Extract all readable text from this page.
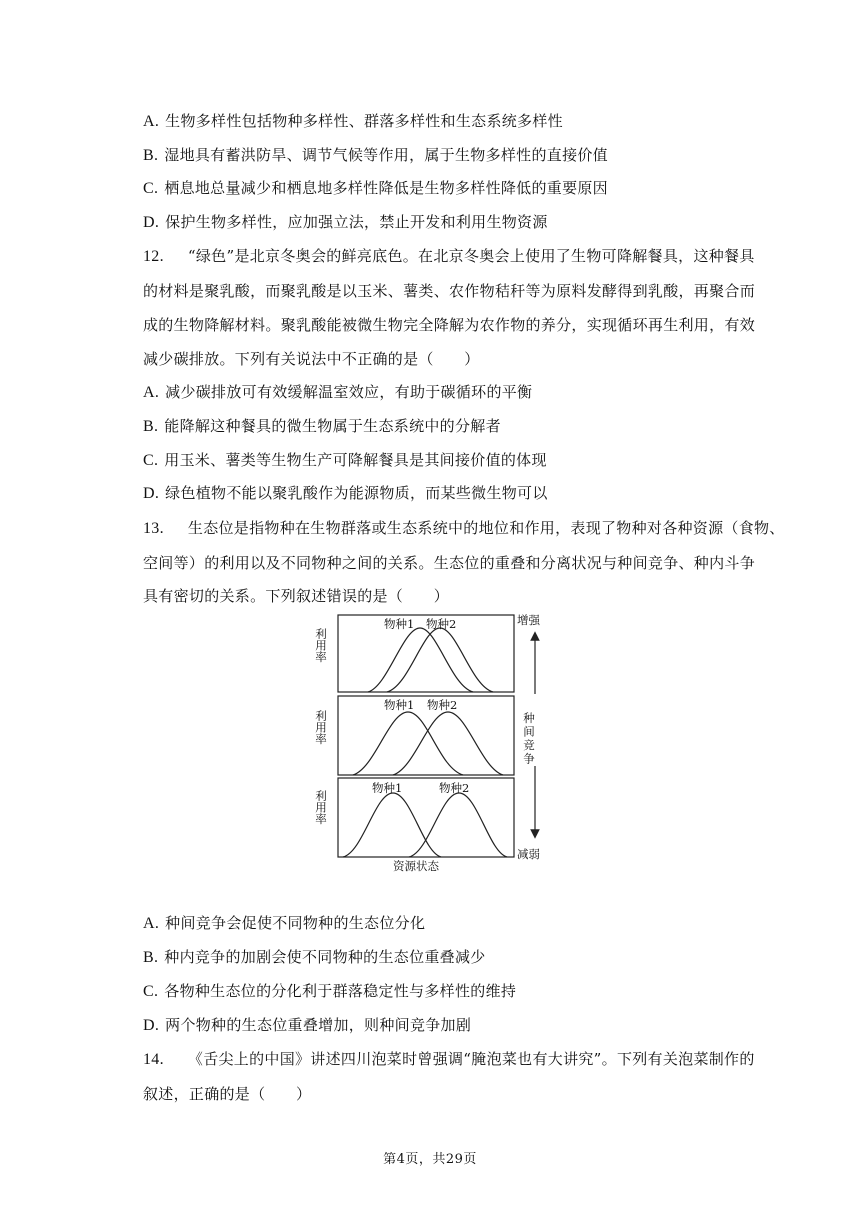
A. 生物多样性包括物种多样性、群落多样性和生态系统多样性
B. 湿地具有蓄洪防旱、调节气候等作用，属于生物多样性的直接价值
C. 栖息地总量减少和栖息地多样性降低是生物多样性降低的重要原因
D. 保护生物多样性，应加强立法，禁止开发和利用生物资源
12. “绿色”是北京冬奥会的鲜亮底色。在北京冬奥会上使用了生物可降解餐具，这种餐具
的材料是聚乳酸，而聚乳酸是以玉米、薯类、农作物秸秆等为原料发酵得到乳酸，再聚合而
成的生物降解材料。聚乳酸能被微生物完全降解为农作物的养分，实现循环再生利用，有效
减少碳排放。下列有关说法中不正确的是（　　）
A. 减少碳排放可有效缓解温室效应，有助于碳循环的平衡
B. 能降解这种餐具的微生物属于生态系统中的分解者
C. 用玉米、薯类等生物生产可降解餐具是其间接价值的体现
D. 绿色植物不能以聚乳酸作为能源物质，而某些微生物可以
13. 生态位是指物种在生物群落或生态系统中的地位和作用，表现了物种对各种资源（食物、
空间等）的利用以及不同物种之间的关系。生态位的重叠和分离状况与种间竞争、种内斗争
具有密切的关系。下列叙述错误的是（　　）
利用率
利用率
利用率
物种1 物种2
物种1 物种2
物种1	物种2
资源状态
增强
种间竞争
减弱
A. 种间竞争会促使不同物种的生态位分化
B. 种内竞争的加剧会使不同物种的生态位重叠减少
C. 各物种生态位的分化利于群落稳定性与多样性的维持
D. 两个物种的生态位重叠增加，则种间竞争加剧
14. 《舌尖上的中国》讲述四川泡菜时曾强调“腌泡菜也有大讲究”。下列有关泡菜制作的
叙述，正确的是（　　）
第4页，共29页
